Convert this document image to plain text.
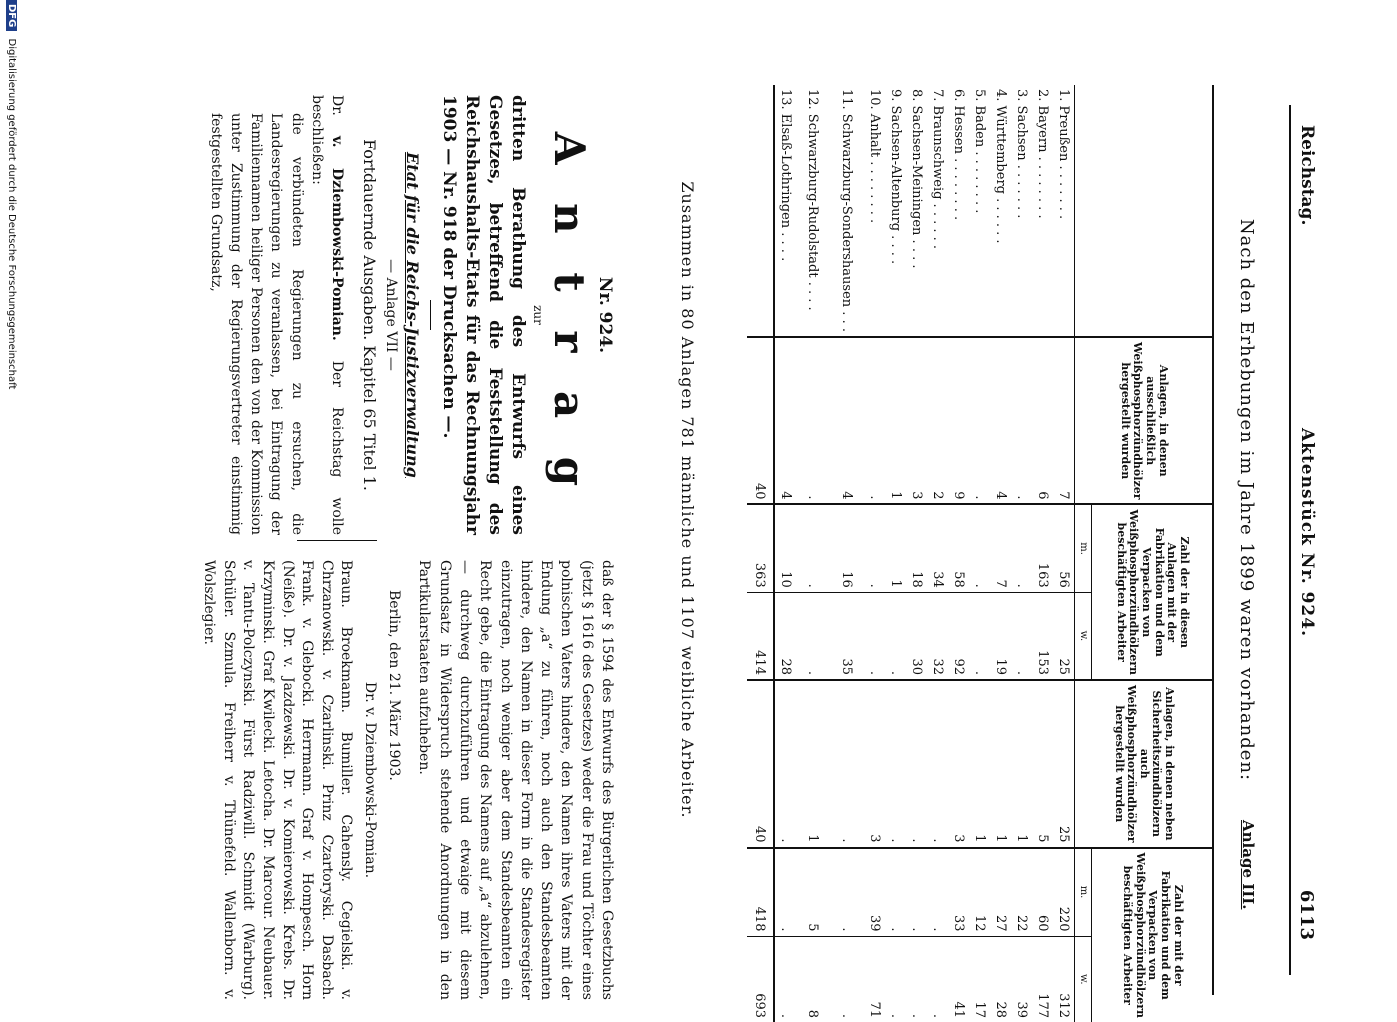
Reichstag.
Aktenstück Nr. 924.
6113
Nach den Erhebungen im Jahre 1899 waren vorhanden:
Anlage III.
	Anlagen, in denen ausschließlich Weißphosphorzündhölzer hergestellt wurden	Zahl der in diesen Anlagen mit der Fabrikation und dem Verpacken von Weißphosphorzündhölzern beschäftigten Arbeiter		Anlagen, in denen neben Sicherheitszündhölzern auch Weißphosphorzündhölzer hergestellt wurden	Zahl der mit der Fabrikation und dem Verpacken von Weißphosphorzündhölzern beschäftigten Arbeiter	
		m.	w.		m.	w.
1. Preußen . . . . . . .	7	56	25	25	220	312
2. Bayern . . . . . . . .	6	163	153	5	60	177
3. Sachsen . . . . . . .	.	.	.	1	22	39
4. Württemberg . . . . . .	4	7	19	1	27	28
5. Baden . . . . . . . .	.	.	.	1	12	17
6. Hessen . . . . . . . .	9	58	92	3	33	41
7. Braunschweig . . . . . .	2	34	32	.	.	.
8. Sachsen-Meiningen . . . .	3	18	30	.	.	.
9. Sachsen-Altenburg . . . .	1	1	.	.	.	.
10. Anhalt . . . . . . . .	.	.	.	3	39	71
11. Schwarzburg-Sondershausen . . .	4	16	35	.	.	.
12. Schwarzburg-Rudolstadt . . . .	.	.	.	1	5	8
13. Elsaß-Lothringen . . . .	4	10	28	.	.	.
	40	363	414	40	418	693
Zusammen in 80 Anlagen 781 männliche und 1107 weibliche Arbeiter.
Nr. 924.
A n t r a g
zur
dritten Berathung des Entwurfs eines Gesetzes, betreffend die Feststellung des Reichshaushalts-Etats für das Rechnungsjahr 1903 — Nr. 918 der Drucksachen —.
Etat für die Reichs-Justizverwaltung
— Anlage VII —
Fortdauernde Ausgaben. Kapitel 65 Titel 1.
Dr. v. Dziembowski-Pomian. Der Reichstag wolle beschließen:
die verbündeten Regierungen zu ersuchen, die Landesregierungen zu veranlassen, bei Eintragung der Familiennamen heiliger Personen den von der Kommission unter Zustimmung der Regierungsvertreter einstimmig festgestellten Grundsatz,
daß der § 1594 des Entwurfs des Bürgerlichen Gesetzbuchs (jetzt § 1616 des Gesetzes) weder die Frau und Töchter eines polnischen Vaters hindere, den Namen ihres Vaters mit der Endung „a“ zu führen, noch auch den Standesbeamten hindere, den Namen in dieser Form in die Standesregister einzutragen, noch weniger aber dem Standesbeamten ein Recht gebe, die Eintragung des Namens auf „a“ abzulehnen, — durchweg durchzuführen und etwaige mit diesem Grundsatz in Widerspruch stehende Anordnungen in den Partikularstaaten aufzuheben.
Berlin, den 21. März 1903.
Dr. v. Dziembowski-Pomian.
Braun. Broekmann. Bumiller. Cahensly. Cegielski. v. Chrzanowski. v. Czarlinski. Prinz Czartoryski. Dasbach. Frank. v. Glebocki. Herrmann. Graf v. Hompesch. Horn (Neiße). Dr. v. Jazdzewski. Dr. v. Komierowski. Krebs. Dr. Krzyminski. Graf Kwilecki. Letocha. Dr. Marcour. Neubauer. v. Tantu-Polczynski. Fürst Radziwill. Schmidt (Warburg). Schüler. Szmula. Freiherr v. Thünefeld. Wallenborn. v. Wolszlegier.
DFG Digitalisierung gefördert durch die Deutsche Forschungsgemeinschaft
